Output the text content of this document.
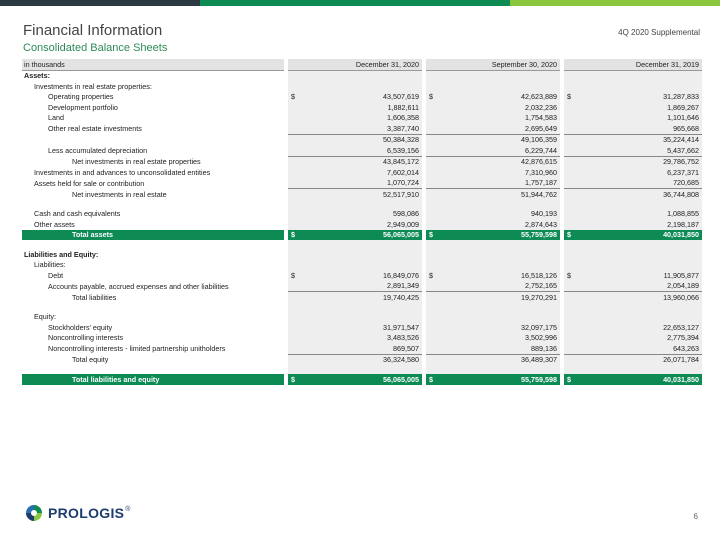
Financial Information
Consolidated Balance Sheets
4Q 2020 Supplemental
in thousands		December 31, 2020			September 30, 2020			December 31, 2019	
Assets:									
Investments in real estate properties:									
Operating properties		$	43,507,619		$	42,623,889		$	31,287,833
Development portfolio			1,882,611			2,032,236			1,869,267
Land			1,606,358			1,754,583			1,101,646
Other real estate investments			3,387,740			2,695,649			965,668
			50,384,328			49,106,359			35,224,414
Less accumulated depreciation			6,539,156			6,229,744			5,437,662
Net investments in real estate properties			43,845,172			42,876,615			29,786,752
Investments in and advances to unconsolidated entities			7,602,014			7,310,960			6,237,371
Assets held for sale or contribution			1,070,724			1,757,187			720,685
Net investments in real estate			52,517,910			51,944,762			36,744,808

Cash and cash equivalents			598,086			940,193			1,088,855
Other assets			2,949,009			2,874,643			2,198,187
Total assets		$	56,065,005		$	55,759,598		$	40,031,850

Liabilities and Equity:									
Liabilities:									
Debt		$	16,849,076		$	16,518,126		$	11,905,877
Accounts payable, accrued expenses and other liabilities			2,891,349			2,752,165			2,054,189
Total liabilities			19,740,425			19,270,291			13,960,066

Equity:									
Stockholders' equity			31,971,547			32,097,175			22,653,127
Noncontrolling interests			3,483,526			3,502,996			2,775,394
Noncontrolling interests - limited partnership unitholders			869,507			889,136			643,263
Total equity			36,324,580			36,489,307			26,071,784

Total liabilities and equity		$	56,065,005		$	55,759,598		$	40,031,850
PROLOGIS ®
6
